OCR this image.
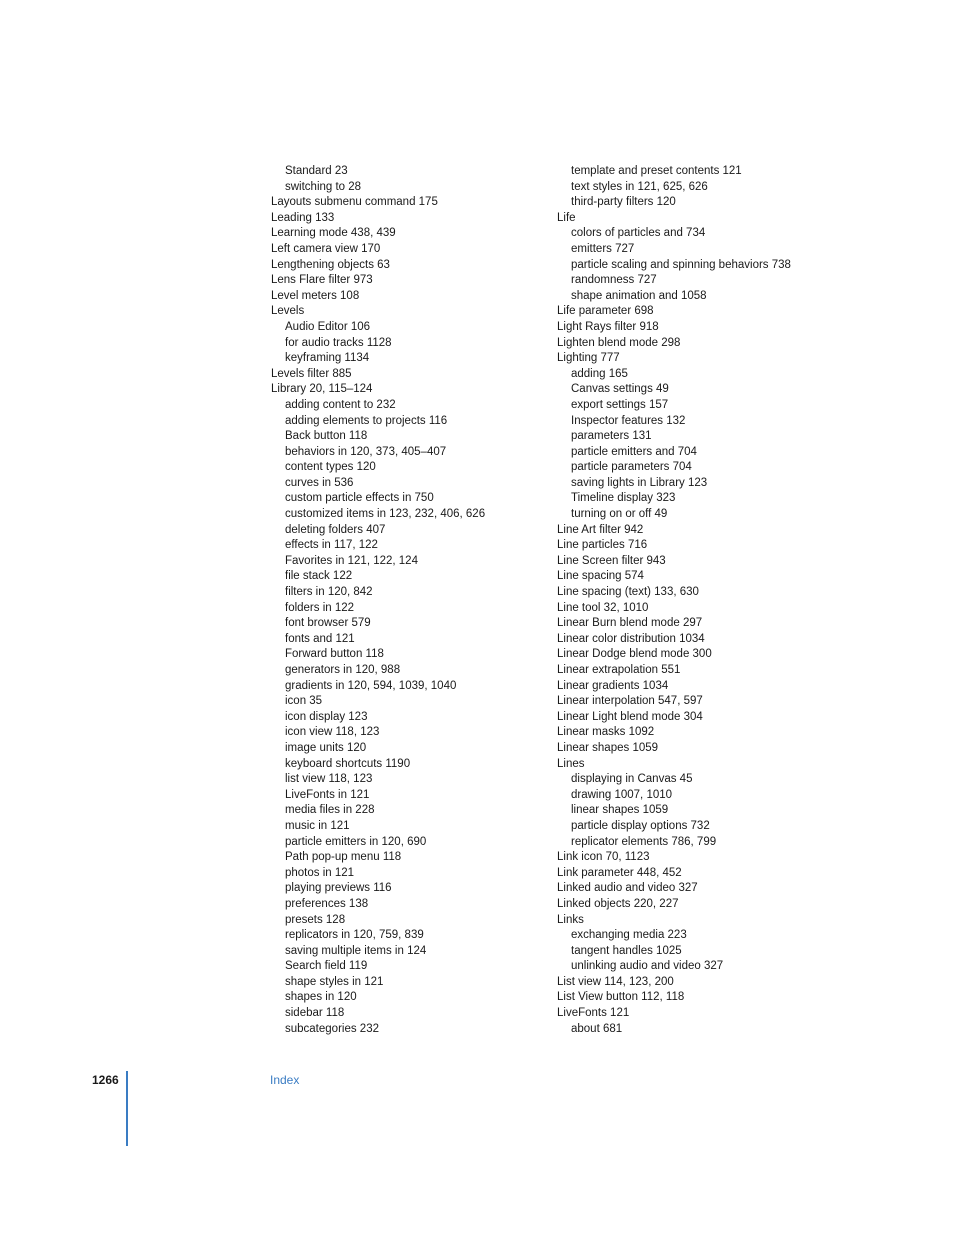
Standard 23
switching to 28
Layouts submenu command 175
Leading 133
Learning mode 438, 439
Left camera view 170
Lengthening objects 63
Lens Flare filter 973
Level meters 108
Levels
Audio Editor 106
for audio tracks 1128
keyframing 1134
Levels filter 885
Library 20, 115–124
adding content to 232
adding elements to projects 116
Back button 118
behaviors in 120, 373, 405–407
content types 120
curves in 536
custom particle effects in 750
customized items in 123, 232, 406, 626
deleting folders 407
effects in 117, 122
Favorites in 121, 122, 124
file stack 122
filters in 120, 842
folders in 122
font browser 579
fonts and 121
Forward button 118
generators in 120, 988
gradients in 120, 594, 1039, 1040
icon 35
icon display 123
icon view 118, 123
image units 120
keyboard shortcuts 1190
list view 118, 123
LiveFonts in 121
media files in 228
music in 121
particle emitters in 120, 690
Path pop-up menu 118
photos in 121
playing previews 116
preferences 138
presets 128
replicators in 120, 759, 839
saving multiple items in 124
Search field 119
shape styles in 121
shapes in 120
sidebar 118
subcategories 232
template and preset contents 121
text styles in 121, 625, 626
third-party filters 120
Life
colors of particles and 734
emitters 727
particle scaling and spinning behaviors 738
randomness 727
shape animation and 1058
Life parameter 698
Light Rays filter 918
Lighten blend mode 298
Lighting 777
adding 165
Canvas settings 49
export settings 157
Inspector features 132
parameters 131
particle emitters and 704
particle parameters 704
saving lights in Library 123
Timeline display 323
turning on or off 49
Line Art filter 942
Line particles 716
Line Screen filter 943
Line spacing 574
Line spacing (text) 133, 630
Line tool 32, 1010
Linear Burn blend mode 297
Linear color distribution 1034
Linear Dodge blend mode 300
Linear extrapolation 551
Linear gradients 1034
Linear interpolation 547, 597
Linear Light blend mode 304
Linear masks 1092
Linear shapes 1059
Lines
displaying in Canvas 45
drawing 1007, 1010
linear shapes 1059
particle display options 732
replicator elements 786, 799
Link icon 70, 1123
Link parameter 448, 452
Linked audio and video 327
Linked objects 220, 227
Links
exchanging media 223
tangent handles 1025
unlinking audio and video 327
List view 114, 123, 200
List View button 112, 118
LiveFonts 121
about 681
1266	Index
